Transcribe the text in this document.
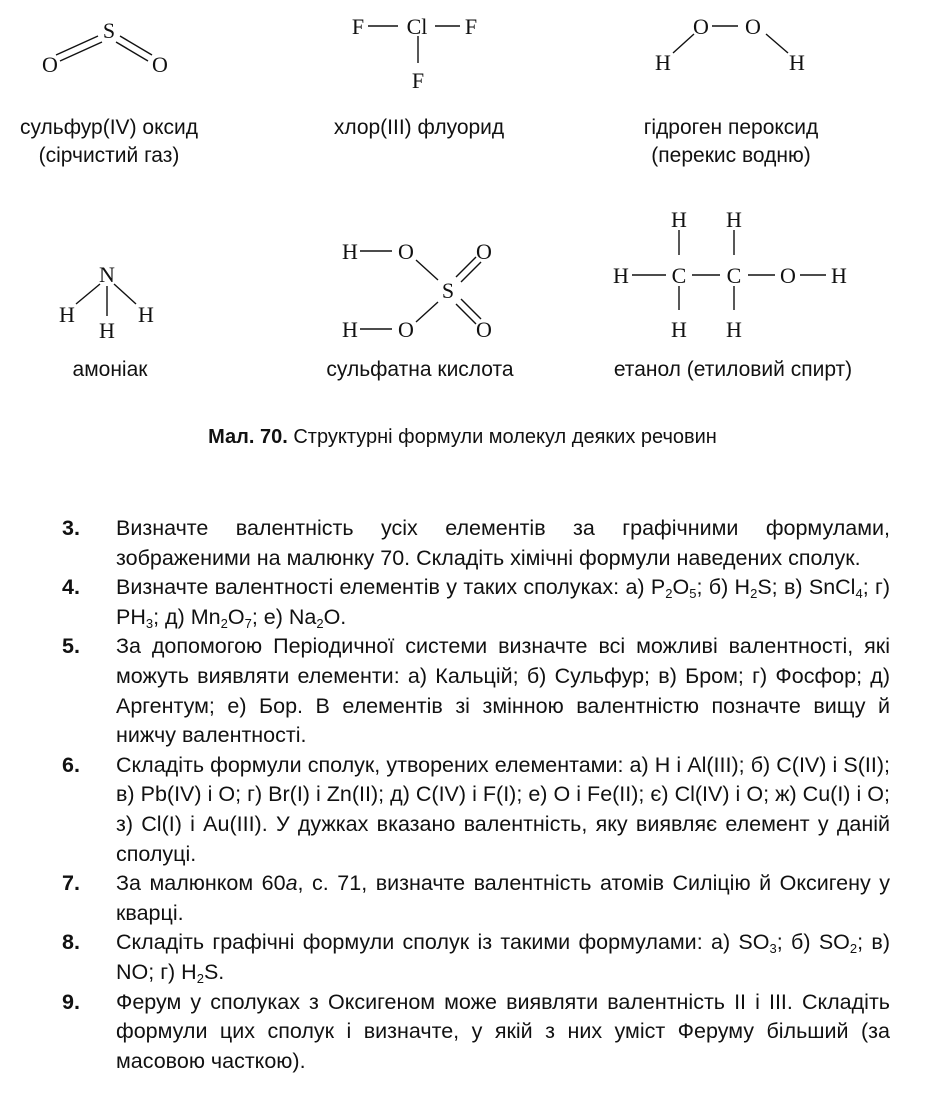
S
O	O
сульфур(IV) оксид
(сірчистий газ)
F Cl F
F
хлор(III) флуорид
O O
H	H
гідроген пероксид
(перекис водню)
N
H
H
H
амоніак
H O	O
S
H O	O
сульфатна кислота
H H
H C C O H
H H
етанол (етиловий спирт)
Мал. 70. Структурні формули молекул деяких речовин
3. Визначте валентність усіх елементів за графічними формулами, зображеними на малюнку 70. Складіть хімічні формули наведених сполук.
4. Визначте валентності елементів у таких сполуках: а) $P_2O_5$; б) $H_2S$; в) SnCl$_4$; г) $PH_3$; д) $Mn_2O_7$; е) $Na_2O$.
5. За допомогою Періодичної системи визначте всі можливі валентності, які можуть виявляти елементи: а) Кальцій; б) Сульфур; в) Бром; г) Фосфор; д) Аргентум; е) Бор. В елементів зі змінною валентністю позначте вищу й нижчу валентності.
6. Складіть формули сполук, утворених елементами: а) H і Al(III); б) C(IV) і S(II); в) Pb(IV) і O; г) Br(I) і Zn(II); д) C(IV) і F(I); е) O і Fe(II); є) Cl(IV) і O; ж) Cu(I) і O; з) Cl(I) і Au(III). У дужках вказано валентність, яку виявляє елемент у даній сполуці.
7. За малюнком 60а, с. 71, визначте валентність атомів Силіцію й Оксигену у кварці.
8. Складіть графічні формули сполук із такими формулами: а) $SO_3$; б) $SO_2$; в) NO; г) $H_2S$.
9. Ферум у сполуках з Оксигеном може виявляти валентність II і III. Складіть формули цих сполук і визначте, у якій з них уміст Феруму більший (за масовою часткою).
